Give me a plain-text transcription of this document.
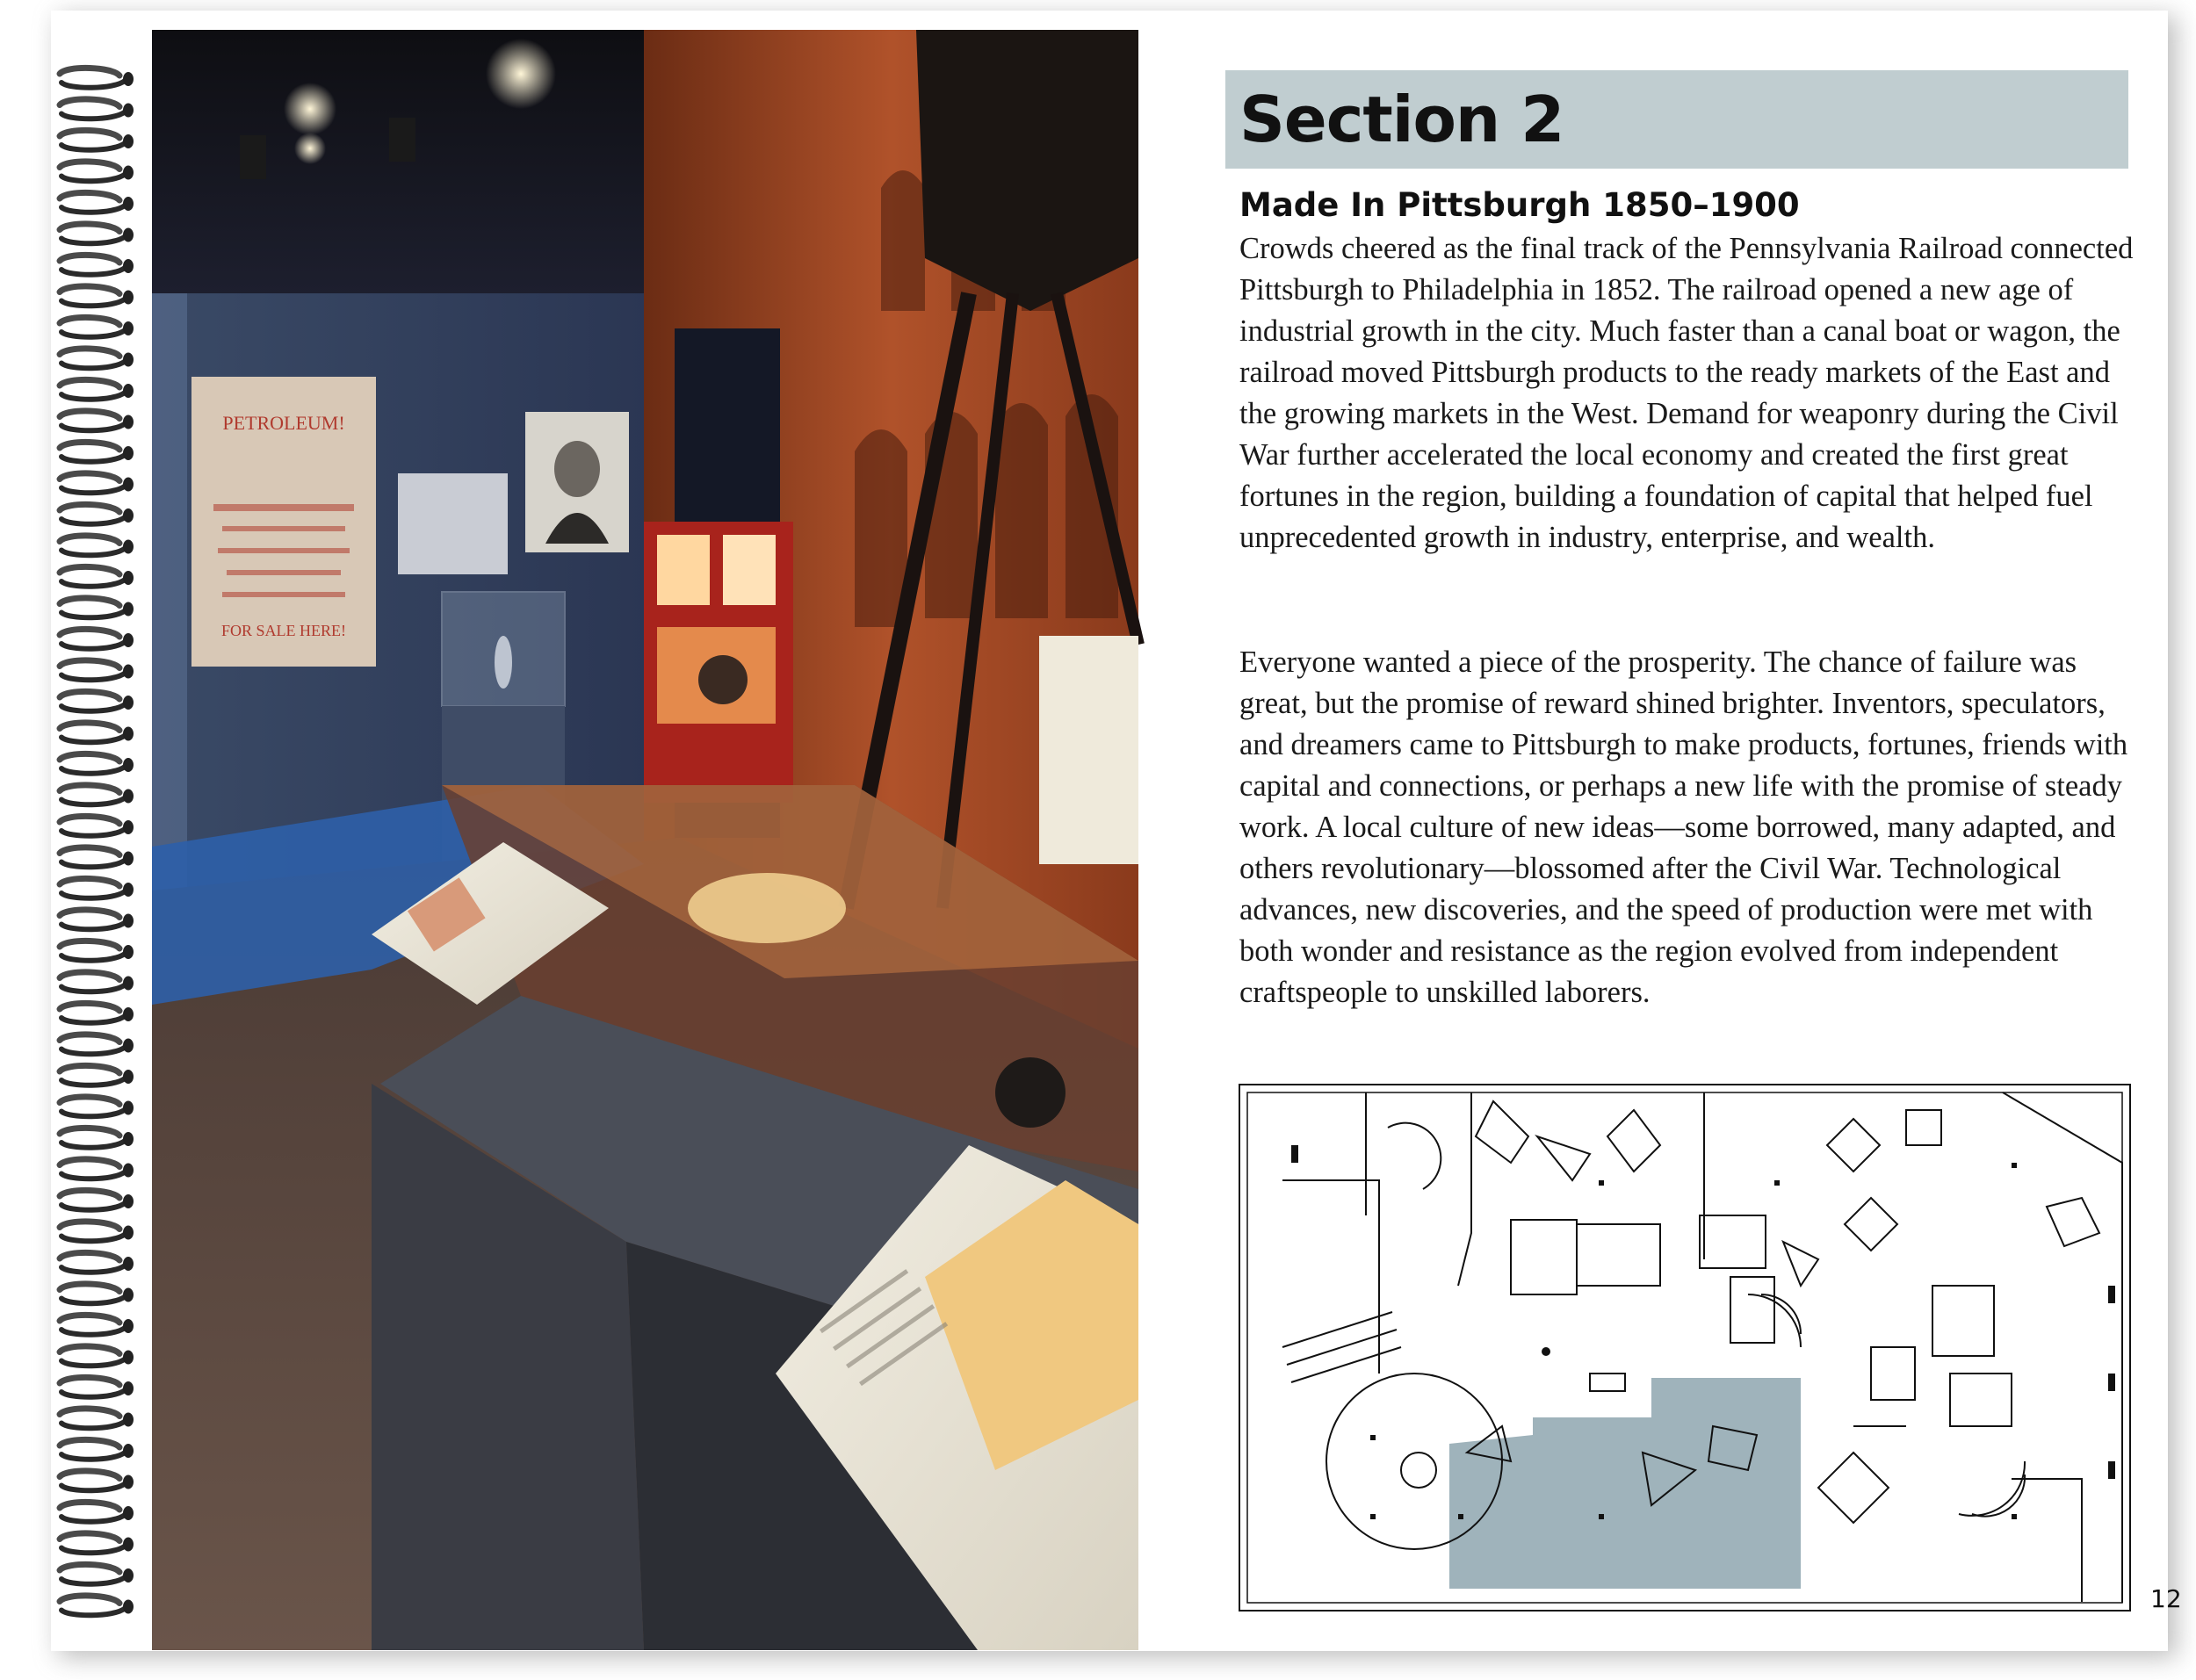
PETROLEUM!
FOR SALE HERE!
Section 2
Made In Pittsburgh 1850–1900

Crowds cheered as the final track of the Pennsylvania Railroad connected Pittsburgh to Philadelphia in 1852. The railroad opened a new age of industrial growth in the city. Much faster than a canal boat or wagon, the railroad moved Pittsburgh products to the ready markets of the East and the growing markets in the West. Demand for weaponry during the Civil War further accelerated the local economy and created the first great fortunes in the region, building a foundation of capital that helped fuel unprecedented growth in industry, enterprise, and wealth.

Everyone wanted a piece of the prosperity. The chance of failure was great, but the promise of reward shined brighter. Inventors, speculators, and dreamers came to Pittsburgh to make products, fortunes, friends with capital and connections, or perhaps a new life with the promise of steady work. A local culture of new ideas—some borrowed, many adapted, and others revolutionary—blossomed after the Civil War. Technological advances, new discoveries, and the speed of production were met with both wonder and resistance as the region evolved from independent craftspeople to unskilled laborers.

12
